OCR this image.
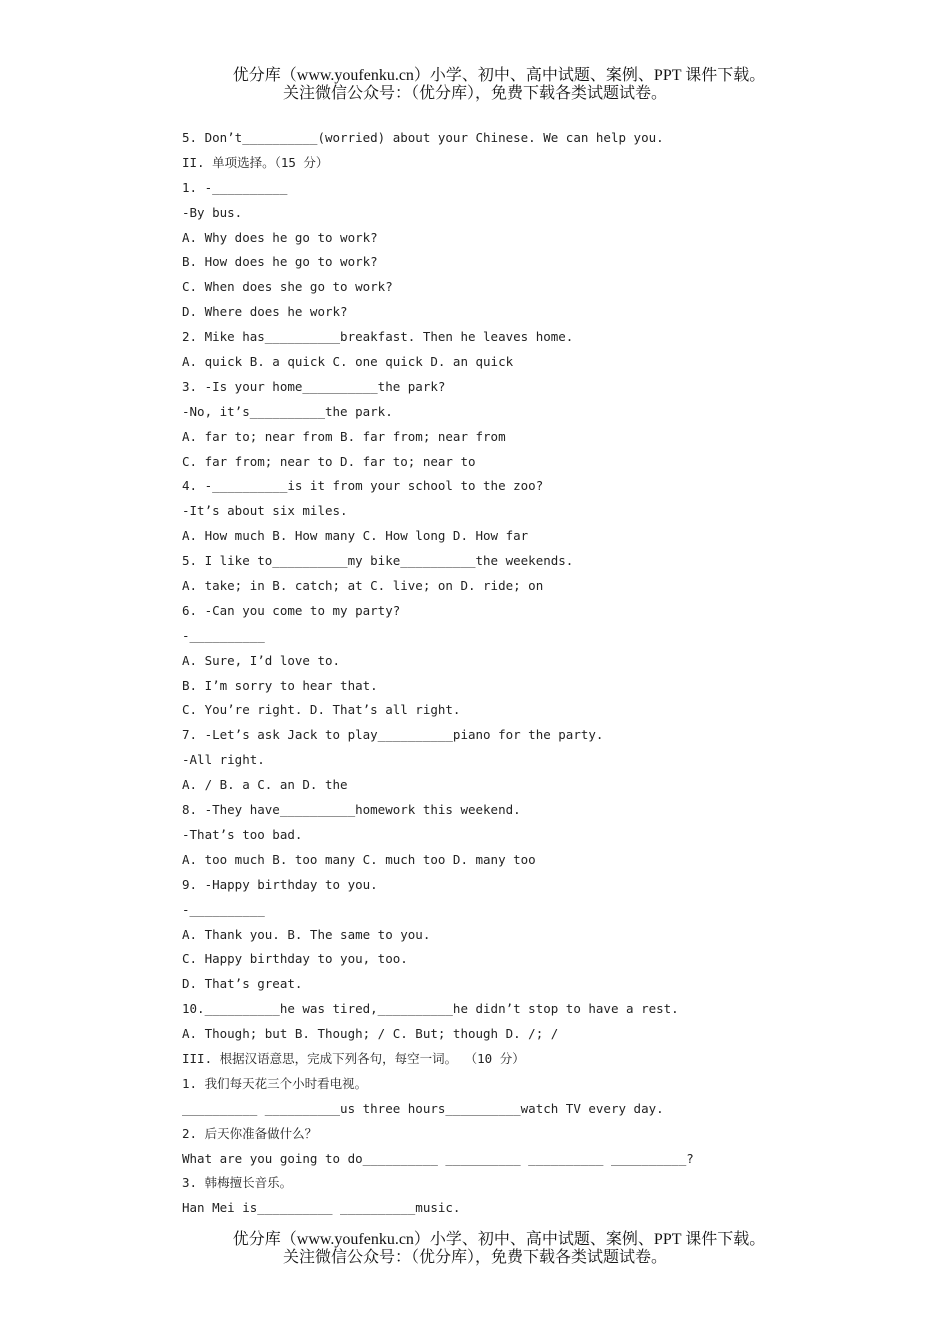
优分库（www.youfenku.cn）小学、初中、高中试题、案例、PPT 课件下载。
关注微信公众号：（优分库），免费下载各类试题试卷。
5. Don’t__________(worried) about your Chinese. We can help you.
II. 单项选择。（15 分）
1. -__________
-By bus.
A. Why does he go to work?
B. How does he go to work?
C. When does she go to work?
D. Where does he work?
2. Mike has__________breakfast. Then he leaves home.
A. quick B. a quick C. one quick D. an quick
3. -Is your home__________the park?
-No, it’s__________the park.
A. far to; near from B. far from; near from
C. far from; near to D. far to; near to
4. -__________is it from your school to the zoo?
-It’s about six miles.
A. How much B. How many C. How long D. How far
5. I like to__________my bike__________the weekends.
A. take; in B. catch; at C. live; on D. ride; on
6. -Can you come to my party?
-__________
A. Sure, I’d love to.
B. I’m sorry to hear that.
C. You’re right. D. That’s all right.
7. -Let’s ask Jack to play__________piano for the party.
-All right.
A. / B. a C. an D. the
8. -They have__________homework this weekend.
-That’s too bad.
A. too much B. too many C. much too D. many too
9. -Happy birthday to you.
-__________
A. Thank you. B. The same to you.
C. Happy birthday to you, too.
D. That’s great.
10.__________he was tired,__________he didn’t stop to have a rest.
A. Though; but B. Though; / C. But; though D. /; /
III. 根据汉语意思，完成下列各句，每空一词。 （10 分）
1. 我们每天花三个小时看电视。
__________ __________us three hours__________watch TV every day.
2. 后天你准备做什么？
What are you going to do__________ __________ __________ __________?
3. 韩梅擅长音乐。
Han Mei is__________ __________music.
优分库（www.youfenku.cn）小学、初中、高中试题、案例、PPT 课件下载。
关注微信公众号：（优分库），免费下载各类试题试卷。
